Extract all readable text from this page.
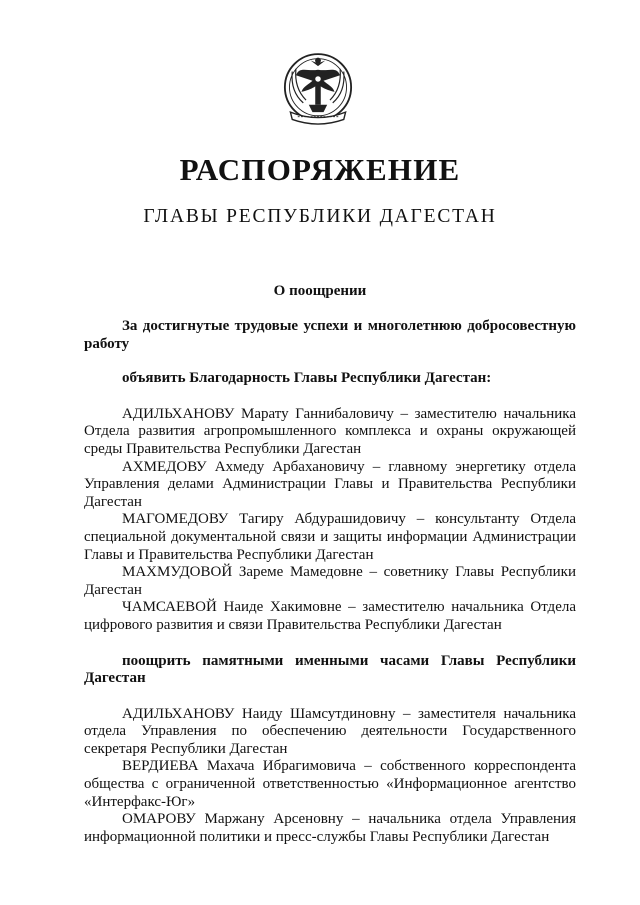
РАСПОРЯЖЕНИЕ
ГЛАВЫ РЕСПУБЛИКИ ДАГЕСТАН
О поощрении

За достигнутые трудовые успехи и многолетнюю добросовестную работу

объявить Благодарность Главы Республики Дагестан:

АДИЛЬХАНОВУ Марату Ганнибаловичу – заместителю начальника Отдела развития агропромышленного комплекса и охраны окружающей среды Правительства Республики Дагестан

АХМЕДОВУ Ахмеду Арбахановичу – главному энергетику отдела Управления делами Администрации Главы и Правительства Республики Дагестан

МАГОМЕДОВУ Тагиру Абдурашидовичу – консультанту Отдела специальной документальной связи и защиты информации Администрации Главы и Правительства Республики Дагестан

МАХМУДОВОЙ Зареме Мамедовне – советнику Главы Республики Дагестан

ЧАМСАЕВОЙ Наиде Хакимовне – заместителю начальника Отдела цифрового развития и связи Правительства Республики Дагестан

поощрить памятными именными часами Главы Республики Дагестан

АДИЛЬХАНОВУ Наиду Шамсутдиновну – заместителя начальника отдела Управления по обеспечению деятельности Государственного секретаря Республики Дагестан

ВЕРДИЕВА Махача Ибрагимовича – собственного корреспондента общества с ограниченной ответственностью «Информационное агентство «Интерфакс-Юг»

ОМАРОВУ Маржану Арсеновну – начальника отдела Управления информационной политики и пресс-службы Главы Республики Дагестан
